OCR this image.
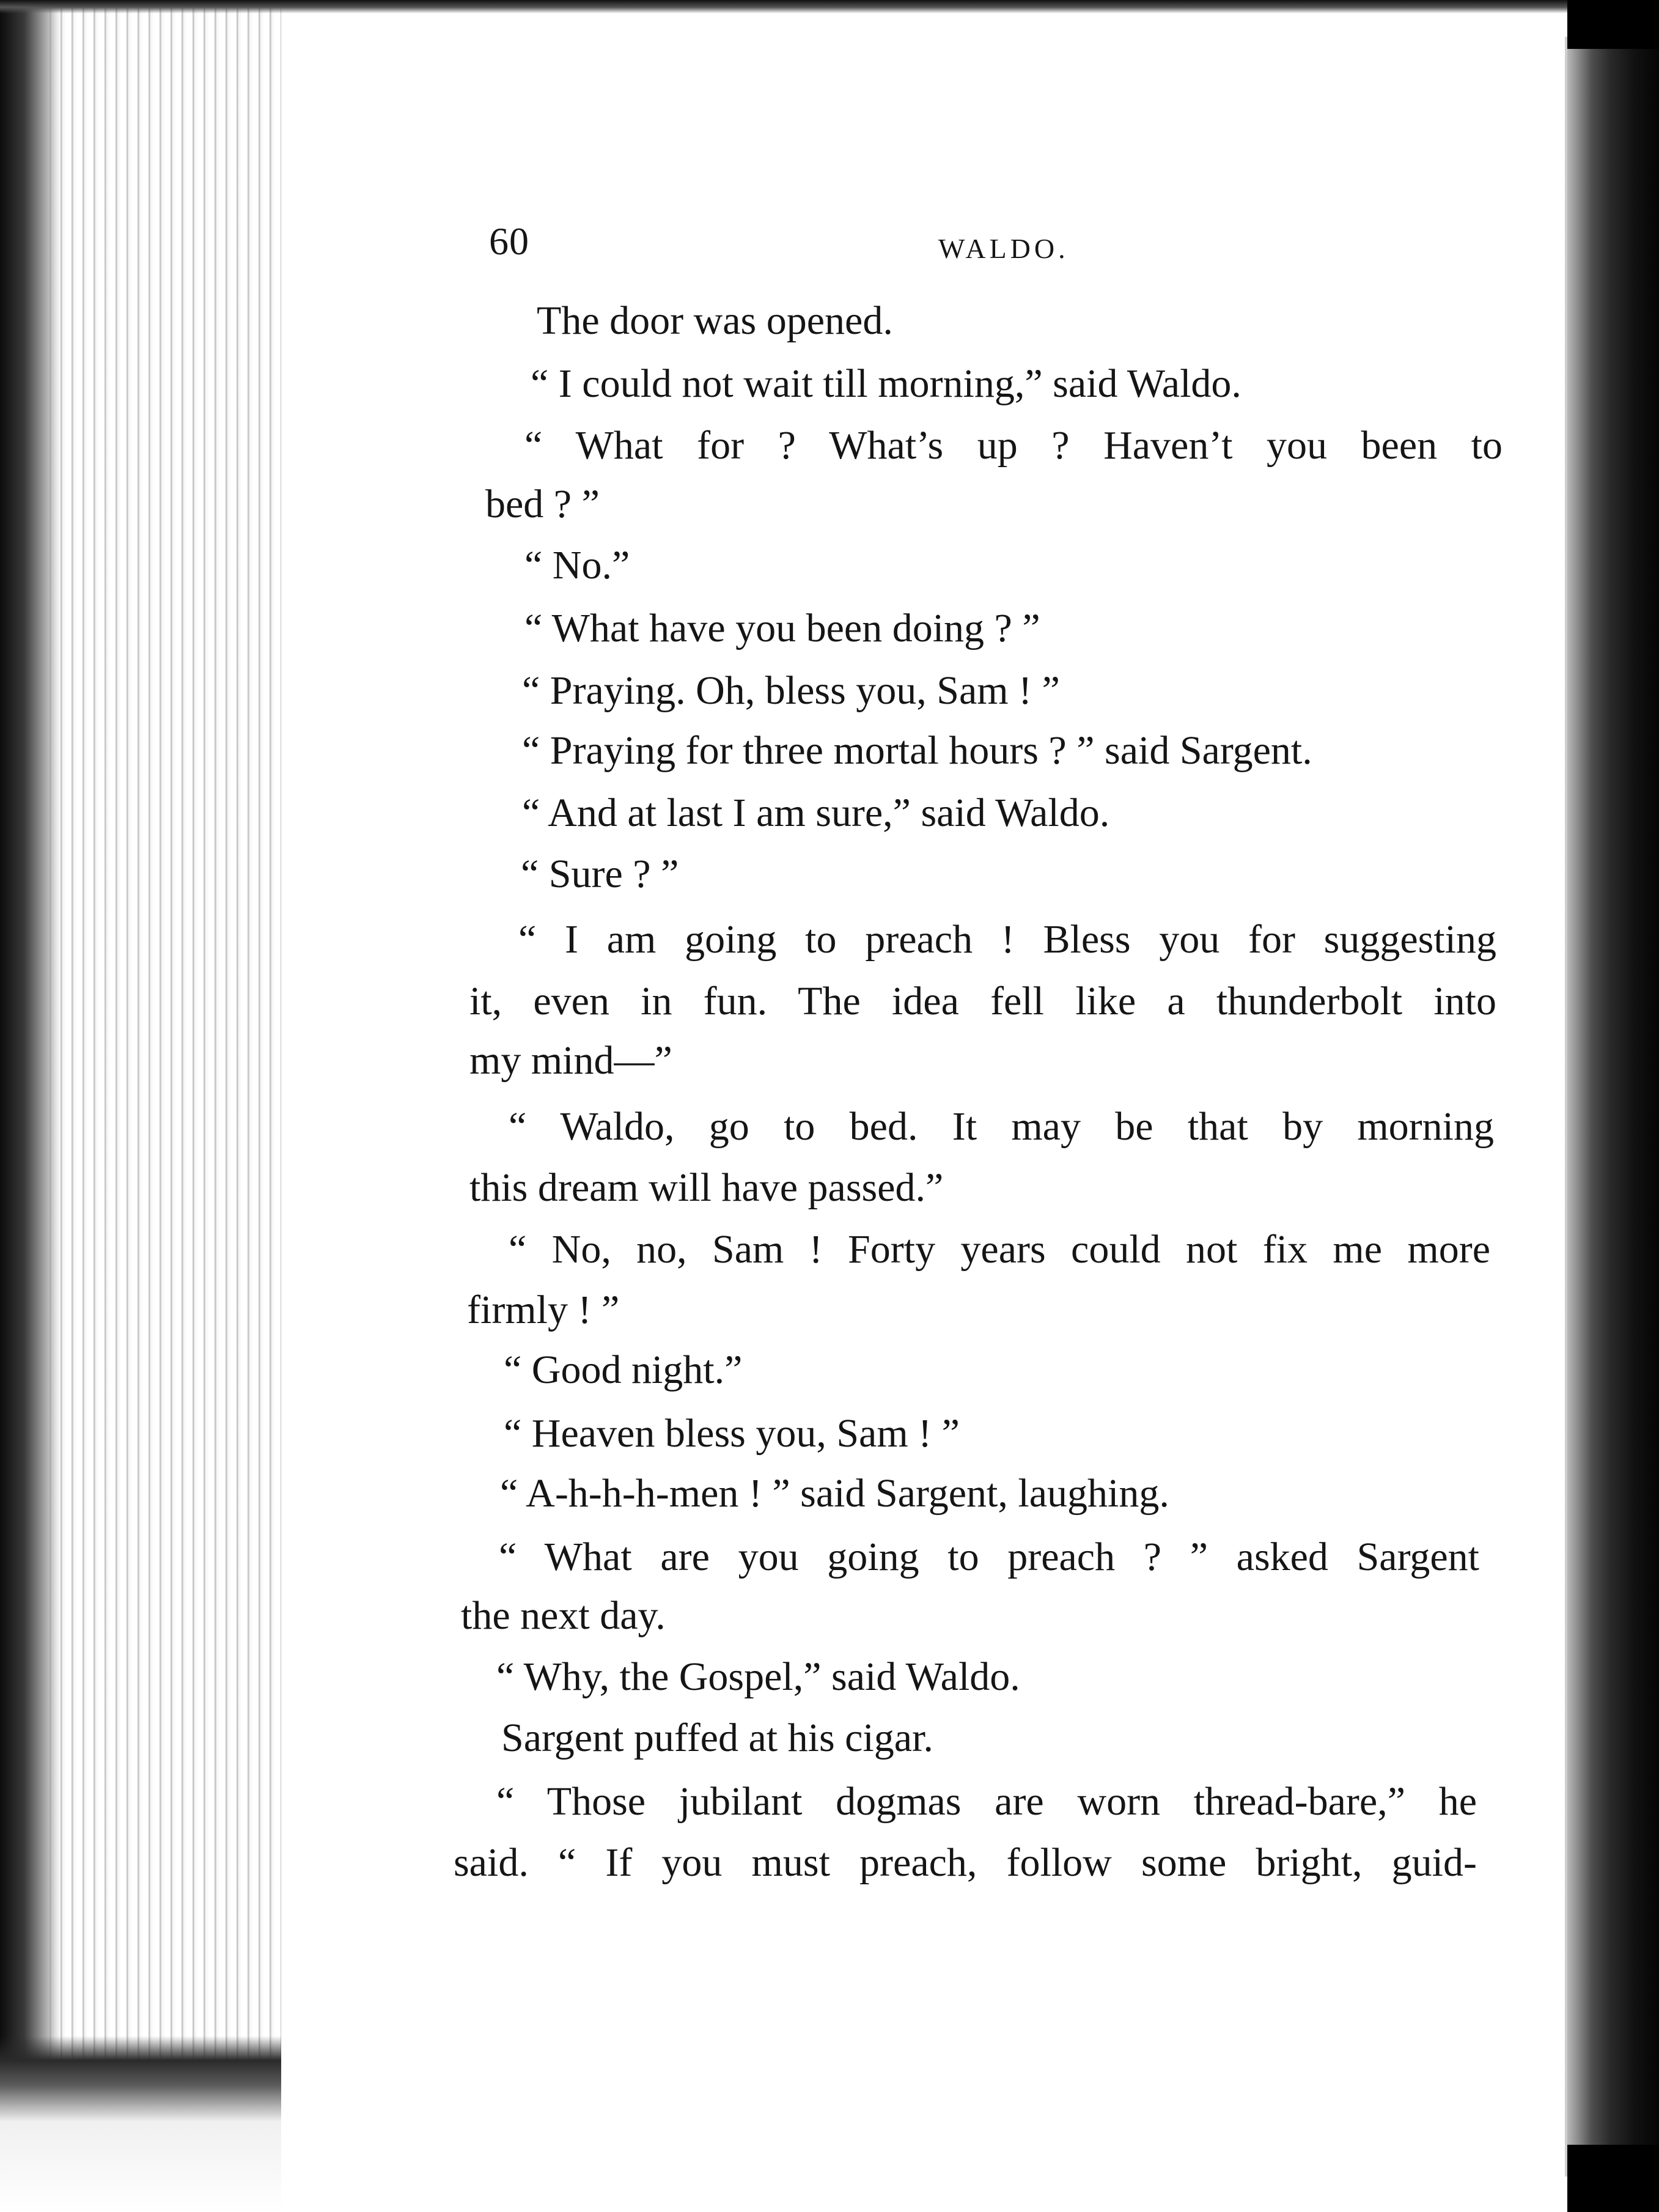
60	WALDO.
The door was opened.
“ I could not wait till morning,” said Waldo.
“ What for ? What’s up ? Haven’t you been to
bed ? ”
“ No.”
“ What have you been doing ? ”
“ Praying. Oh, bless you, Sam ! ”
“ Praying for three mortal hours ? ” said Sargent.
“ And at last I am sure,” said Waldo.
“ Sure ? ”
“ I am going to preach ! Bless you for suggesting
it, even in fun. The idea fell like a thunderbolt into
my mind—”
“ Waldo, go to bed. It may be that by morning
this dream will have passed.”
“ No, no, Sam ! Forty years could not fix me more
firmly ! ”
“ Good night.”
“ Heaven bless you, Sam ! ”
“ A-h-h-h-men ! ” said Sargent, laughing.
“ What are you going to preach ? ” asked Sargent
the next day.
“ Why, the Gospel,” said Waldo.
Sargent puffed at his cigar.
“ Those jubilant dogmas are worn thread-bare,” he
said. “ If you must preach, follow some bright, guid-
